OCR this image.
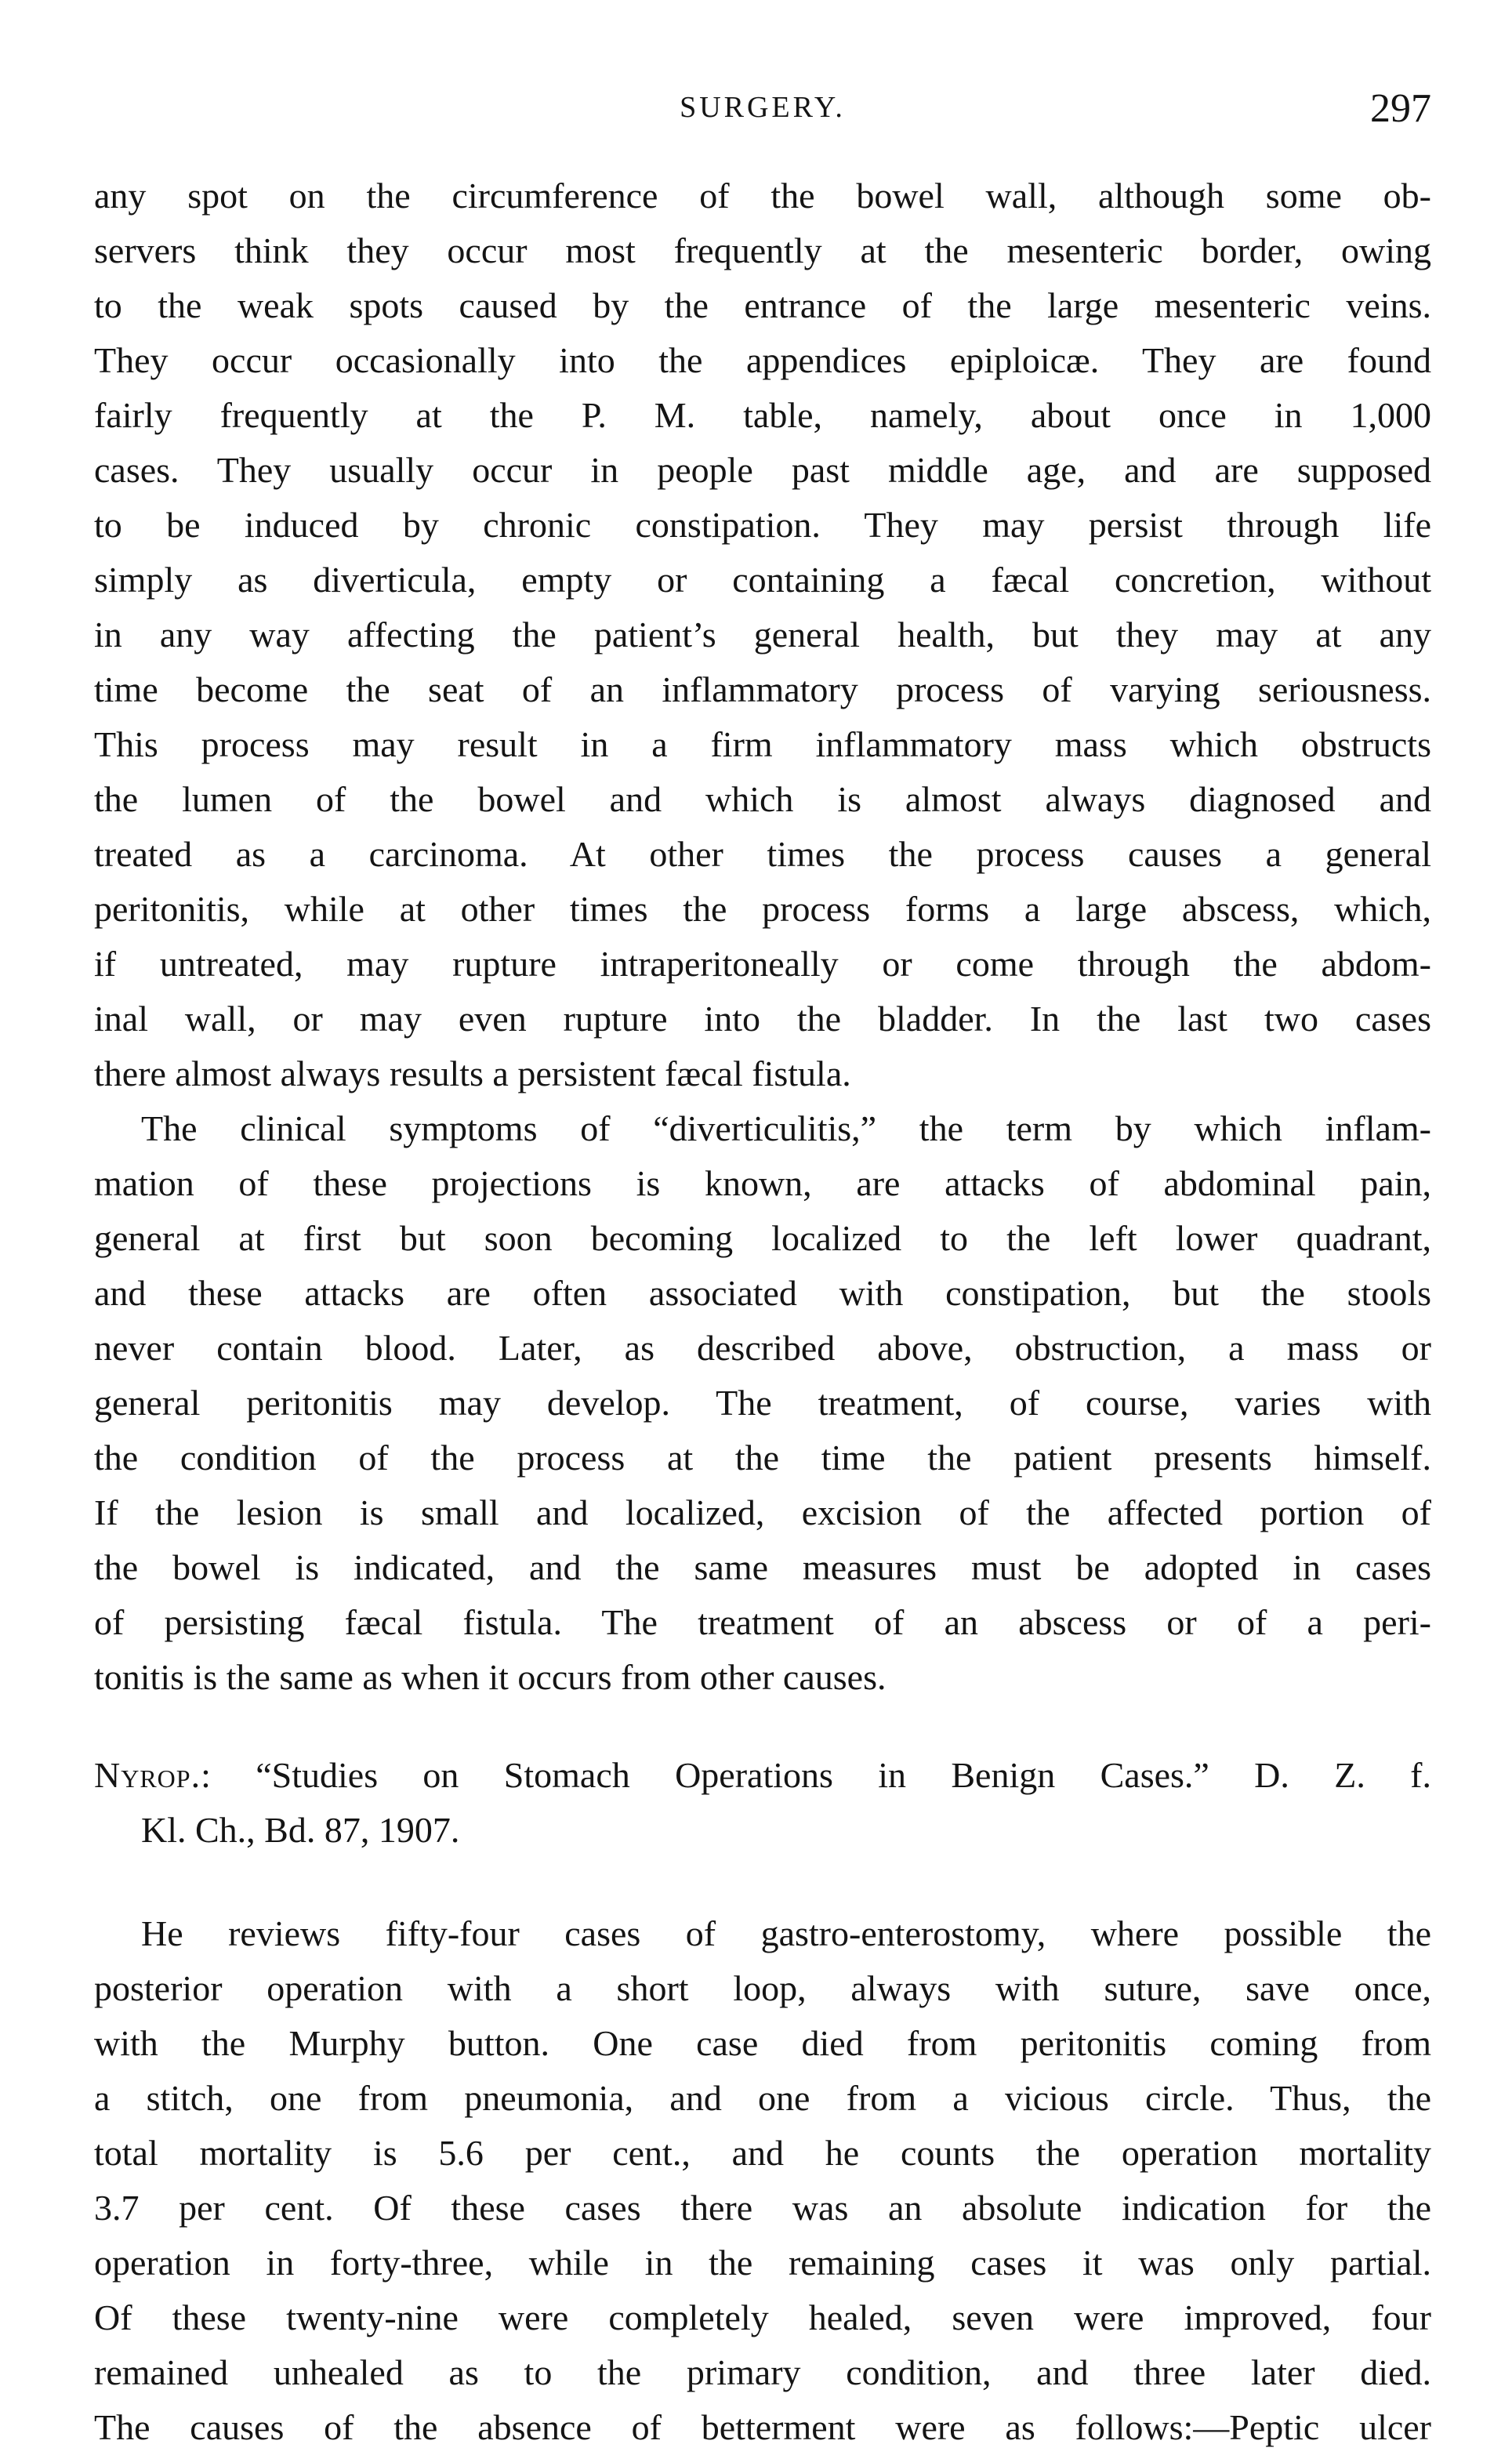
SURGERY.	297
any spot on the circumference of the bowel wall, although some ob-
servers think they occur most frequently at the mesenteric border, owing
to the weak spots caused by the entrance of the large mesenteric veins.
They occur occasionally into the appendices epiploicæ. They are found
fairly frequently at the P. M. table, namely, about once in 1,000
cases. They usually occur in people past middle age, and are supposed
to be induced by chronic constipation. They may persist through life
simply as diverticula, empty or containing a fæcal concretion, without
in any way affecting the patient’s general health, but they may at any
time become the seat of an inflammatory process of varying seriousness.
This process may result in a firm inflammatory mass which obstructs
the lumen of the bowel and which is almost always diagnosed and
treated as a carcinoma. At other times the process causes a general
peritonitis, while at other times the process forms a large abscess, which,
if untreated, may rupture intraperitoneally or come through the abdom-
inal wall, or may even rupture into the bladder. In the last two cases
there almost always results a persistent fæcal fistula.
The clinical symptoms of “diverticulitis,” the term by which inflam-
mation of these projections is known, are attacks of abdominal pain,
general at first but soon becoming localized to the left lower quadrant,
and these attacks are often associated with constipation, but the stools
never contain blood. Later, as described above, obstruction, a mass or
general peritonitis may develop. The treatment, of course, varies with
the condition of the process at the time the patient presents himself.
If the lesion is small and localized, excision of the affected portion of
the bowel is indicated, and the same measures must be adopted in cases
of persisting fæcal fistula. The treatment of an abscess or of a peri-
tonitis is the same as when it occurs from other causes.
Nyrop.: “Studies on Stomach Operations in Benign Cases.” D. Z. f.
Kl. Ch., Bd. 87, 1907.
He reviews fifty-four cases of gastro-enterostomy, where possible the
posterior operation with a short loop, always with suture, save once,
with the Murphy button. One case died from peritonitis coming from
a stitch, one from pneumonia, and one from a vicious circle. Thus, the
total mortality is 5.6 per cent., and he counts the operation mortality
3.7 per cent. Of these cases there was an absolute indication for the
operation in forty-three, while in the remaining cases it was only partial.
Of these twenty-nine were completely healed, seven were improved, four
remained unhealed as to the primary condition, and three later died.
The causes of the absence of betterment were as follows:—Peptic ulcer
